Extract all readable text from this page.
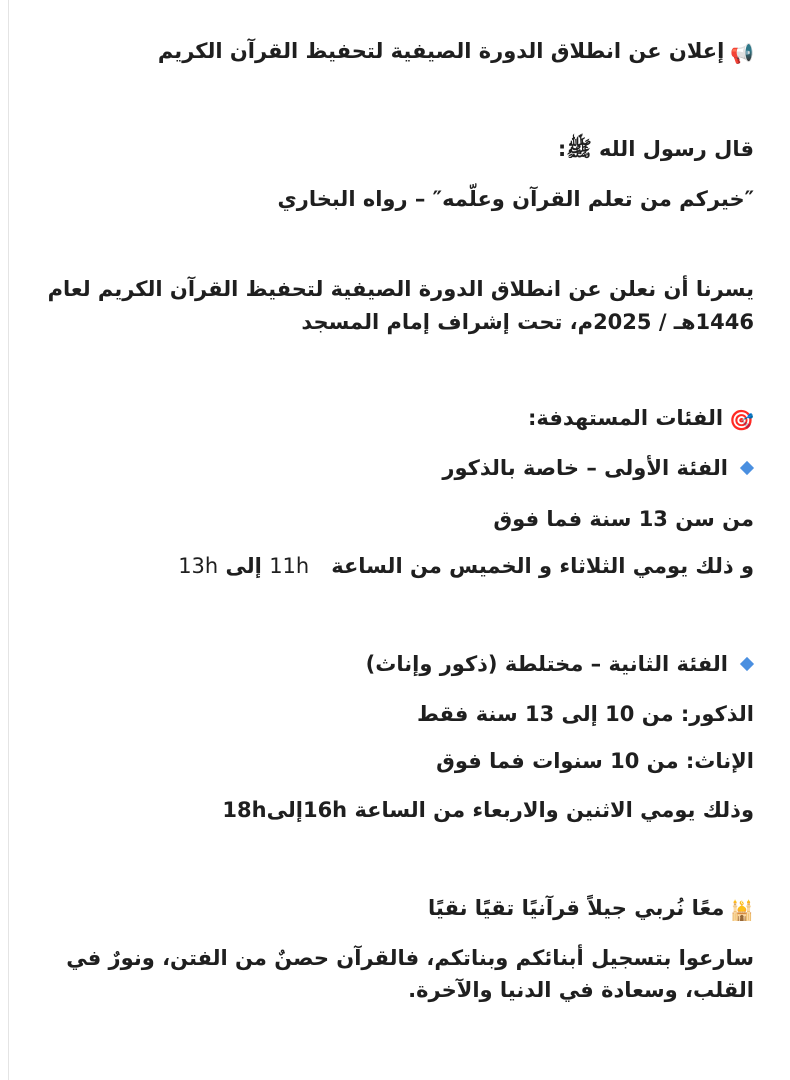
📢إعلان عن انطلاق الدورة الصيفية لتحفيظ القرآن الكريم
قال رسول الله ﷺ:
″خيركم من تعلم القرآن وعلّمه″ – رواه البخاري
يسرنا أن نعلن عن انطلاق الدورة الصيفية لتحفيظ القرآن الكريم لعام
1446هـ / 2025م، تحت إشراف إمام المسجد
🎯الفئات المستهدفة:
الفئة الأولى – خاصة بالذكور
من سن 13 سنة فما فوق
و ذلك يومي الثلاثاء و الخميس من الساعة11h إلى 13h
الفئة الثانية – مختلطة (ذكور وإناث)
الذكور: من 10 إلى 13 سنة فقط
الإناث: من 10 سنوات فما فوق
وذلك يومي الاثنين والاربعاء من الساعة 16hإلى18h
🕌معًا نُربي جيلاً قرآنيًا تقيًا نقيًا
سارعوا بتسجيل أبنائكم وبناتكم، فالقرآن حصنٌ من الفتن، ونورٌ في القلب، وسعادة في الدنيا والآخرة.
